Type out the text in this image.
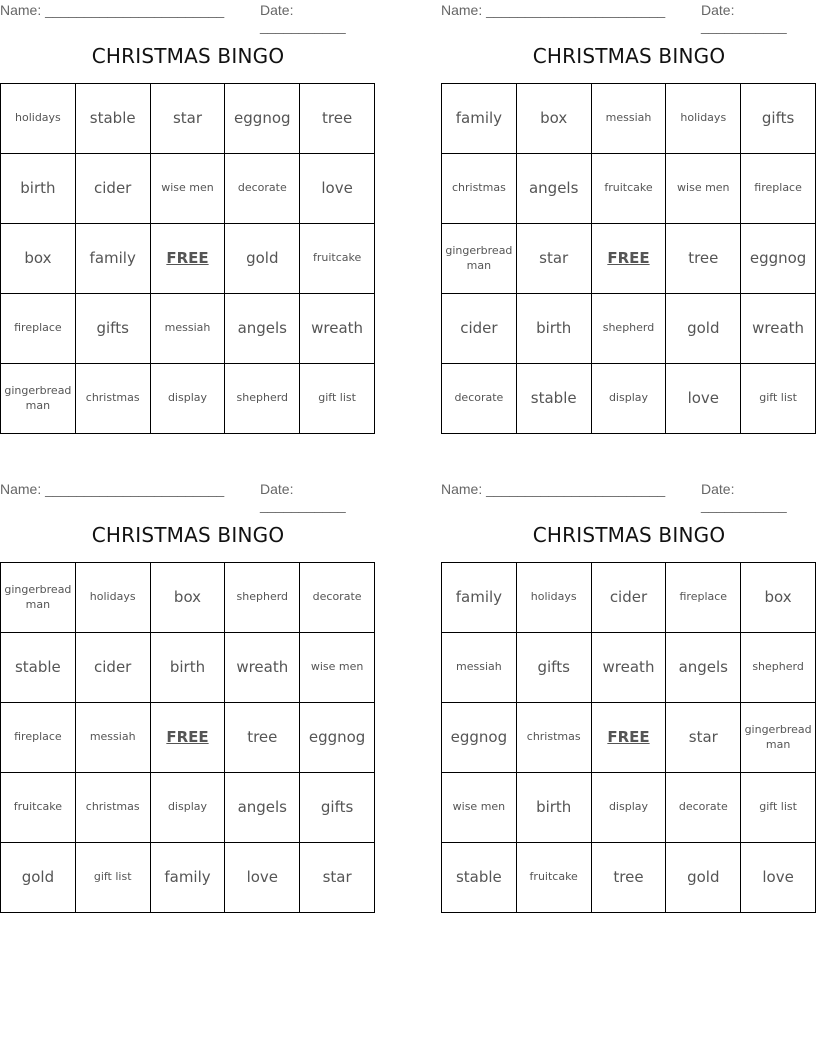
Name: _______________________	Date: ___________
CHRISTMAS BINGO
holidays	stable	star	eggnog	tree
birth	cider	wise men	decorate	love
box	family	FREE	gold	fruitcake
fireplace	gifts	messiah	angels	wreath
gingerbread man	christmas	display	shepherd	gift list
Name: _______________________	Date: ___________
CHRISTMAS BINGO
family	box	messiah	holidays	gifts
christmas	angels	fruitcake	wise men	fireplace
gingerbread man	star	FREE	tree	eggnog
cider	birth	shepherd	gold	wreath
decorate	stable	display	love	gift list
Name: _______________________	Date: ___________
CHRISTMAS BINGO
gingerbread man	holidays	box	shepherd	decorate
stable	cider	birth	wreath	wise men
fireplace	messiah	FREE	tree	eggnog
fruitcake	christmas	display	angels	gifts
gold	gift list	family	love	star
Name: _______________________	Date: ___________
CHRISTMAS BINGO
family	holidays	cider	fireplace	box
messiah	gifts	wreath	angels	shepherd
eggnog	christmas	FREE	star	gingerbread man
wise men	birth	display	decorate	gift list
stable	fruitcake	tree	gold	love
